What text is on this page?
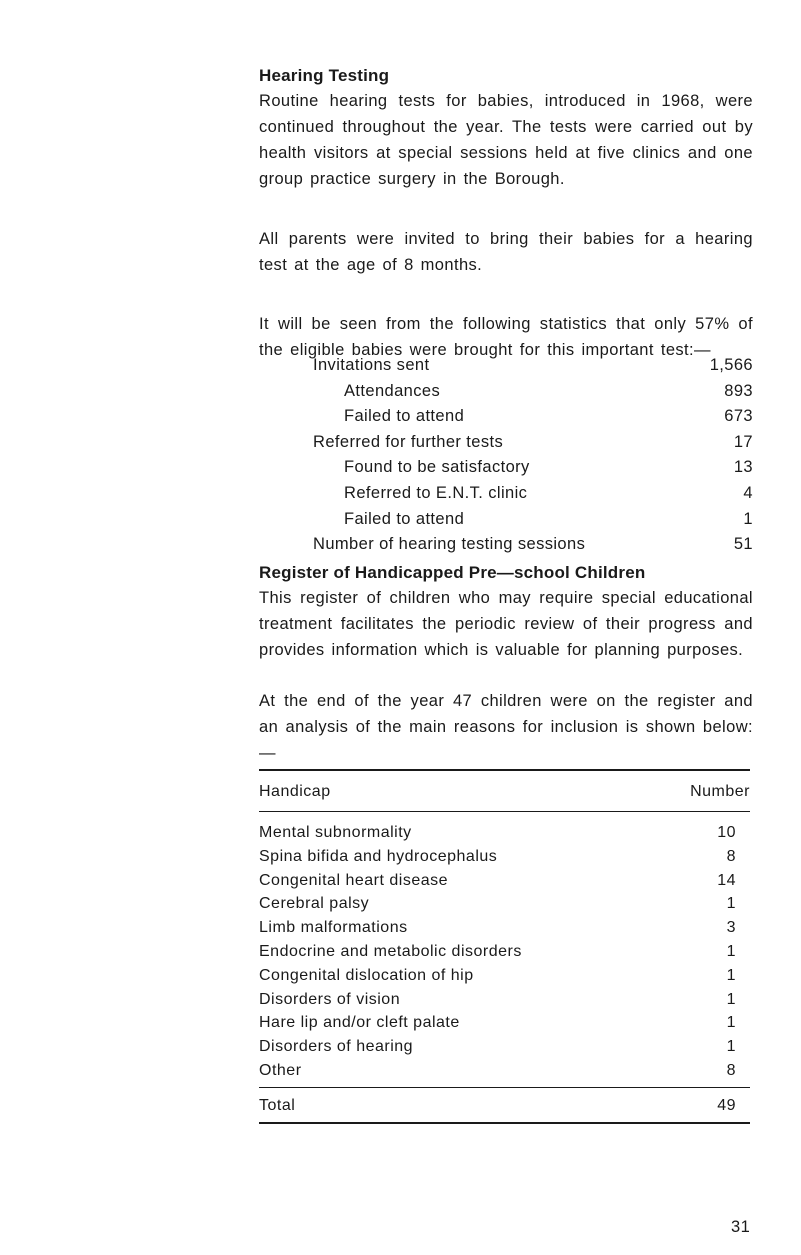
Hearing Testing
Routine hearing tests for babies, introduced in 1968, were continued throughout the year. The tests were carried out by health visitors at special sessions held at five clinics and one group practice surgery in the Borough.
All parents were invited to bring their babies for a hearing test at the age of 8 months.
It will be seen from the following statistics that only 57% of the eligible babies were brought for this important test:—
Invitations sent	1,566
Attendances	893
Failed to attend	673
Referred for further tests	17
Found to be satisfactory	13
Referred to E.N.T. clinic	4
Failed to attend	1
Number of hearing testing sessions	51
Register of Handicapped Pre—school Children
This register of children who may require special educational treatment facilitates the periodic review of their progress and provides information which is valuable for planning purposes.
At the end of the year 47 children were on the register and an analysis of the main reasons for inclusion is shown below:—
Handicap	Number
Mental subnormality	10
Spina bifida and hydrocephalus	8
Congenital heart disease	14
Cerebral palsy	1
Limb malformations	3
Endocrine and metabolic disorders	1
Congenital dislocation of hip	1
Disorders of vision	1
Hare lip and/or cleft palate	1
Disorders of hearing	1
Other	8
Total	49
31
